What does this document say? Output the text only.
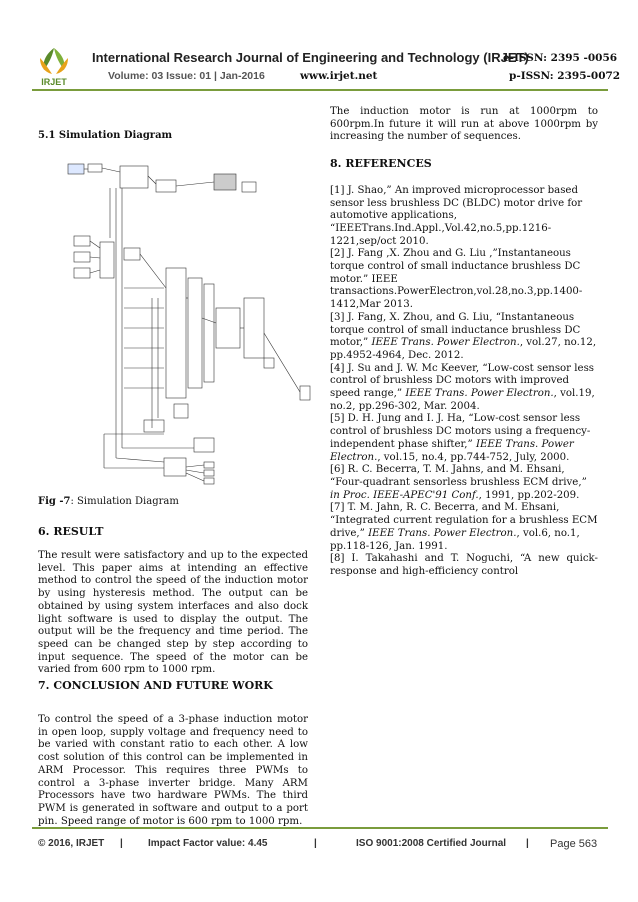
IRJET
International Research Journal of Engineering and Technology (IRJET)
e-ISSN: 2395 -0056
Volume: 03 Issue: 01 | Jan-2016	www.irjet.net	p-ISSN: 2395-0072
5.1 Simulation Diagram
Fig -7: Simulation Diagram
6. RESULT

The result were satisfactory and up to the expected level. This paper aims at intending an effective method to control the speed of the induction motor by using hysteresis method. The output can be obtained by using system interfaces and also dock light software is used to display the output. The output will be the frequency and time period. The speed can be changed step by step according to input sequence. The speed of the motor can be varied from 600 rpm to 1000 rpm.

7. CONCLUSION AND FUTURE WORK

To control the speed of a 3-phase induction motor in open loop, supply voltage and frequency need to be varied with constant ratio to each other. A low cost solution of this control can be implemented in ARM Processor. This requires three PWMs to control a 3-phase inverter bridge. Many ARM Processors have two hardware PWMs. The third PWM is generated in software and output to a port pin. Speed range of motor is 600 rpm to 1000 rpm.

The induction motor is run at 1000rpm to 600rpm.In future it will run at above 1000rpm by increasing the number of sequences.

8. REFERENCES

[1] J. Shao,” An improved microprocessor based sensor less brushless DC (BLDC) motor drive for automotive applications, “IEEETrans.Ind.Appl.,Vol.42,no.5,pp.1216-1221,sep/oct 2010.

[2] J. Fang ,X. Zhou and G. Liu ,”Instantaneous torque control of small inductance brushless DC motor.” IEEE transactions.PowerElectron,vol.28,no.3,pp.1400-1412,Mar 2013.

[3] J. Fang, X. Zhou, and G. Liu, “Instantaneous torque control of small inductance brushless DC motor,” IEEE Trans. Power Electron., vol.27, no.12, pp.4952-4964, Dec. 2012.

[4] J. Su and J. W. Mc Keever, “Low-cost sensor less control of brushless DC motors with improved speed range,” IEEE Trans. Power Electron., vol.19, no.2, pp.296-302, Mar. 2004.

[5] D. H. Jung and I. J. Ha, “Low-cost sensor less control of brushless DC motors using a frequency-independent phase shifter,” IEEE Trans. Power Electron., vol.15, no.4, pp.744-752, July, 2000.

[6] R. C. Becerra, T. M. Jahns, and M. Ehsani, “Four-quadrant sensorless brushless ECM drive,” in Proc. IEEE-APEC'91 Conf., 1991, pp.202-209.

[7] T. M. Jahn, R. C. Becerra, and M. Ehsani, “Integrated current regulation for a brushless ECM drive,” IEEE Trans. Power Electron., vol.6, no.1, pp.118-126, Jan. 1991.

[8] I. Takahashi and T. Noguchi, “A new quick-response and high-efficiency control

© 2016, IRJET |	Impact Factor value: 4.45	|	ISO 9001:2008 Certified Journal | Page 563
